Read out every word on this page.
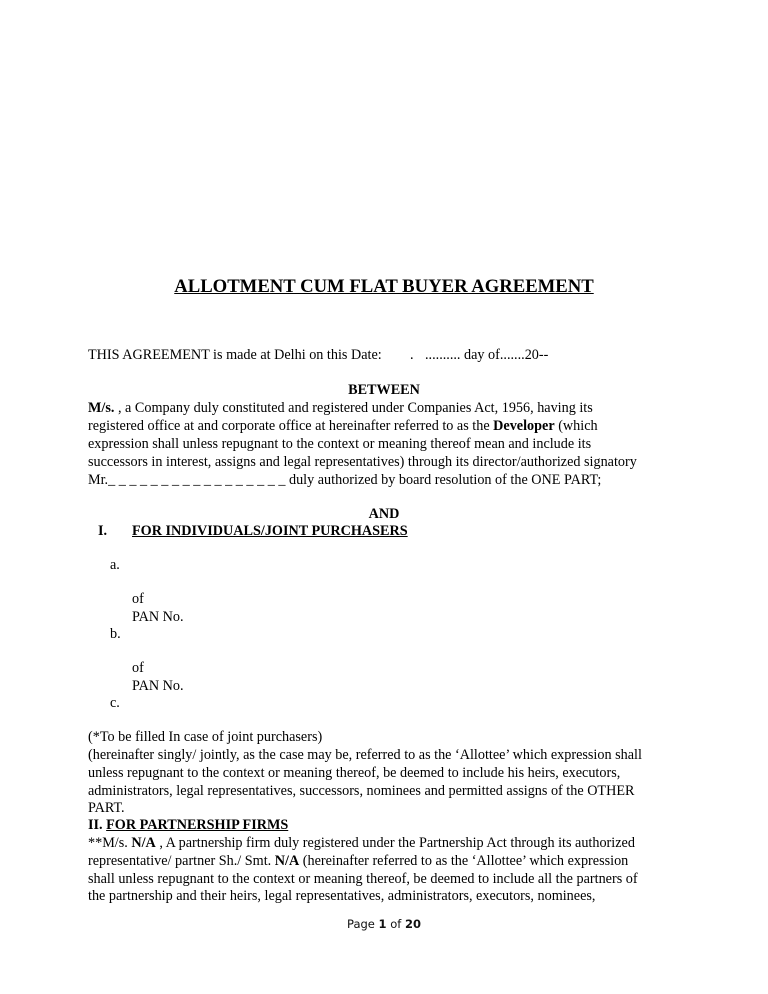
ALLOTMENT CUM FLAT BUYER AGREEMENT
THIS AGREEMENT is made at Delhi on this Date: . .......... day of.......20--
BETWEEN
M/s. , a Company duly constituted and registered under Companies Act, 1956, having its
registered office at and corporate office at hereinafter referred to as the Developer (which
expression shall unless repugnant to the context or meaning thereof mean and include its
successors in interest, assigns and legal representatives) through its director/authorized signatory
Mr._ _ _ _ _ _ _ _ _ _ _ _ _ _ _ _ _ duly authorized by board resolution of the ONE PART;
AND
I. FOR INDIVIDUALS/JOINT PURCHASERS
a.
of
PAN No.
b.
of
PAN No.
c.
(*To be filled In case of joint purchasers)
(hereinafter singly/ jointly, as the case may be, referred to as the ‘Allottee’ which expression shall
unless repugnant to the context or meaning thereof, be deemed to include his heirs, executors,
administrators, legal representatives, successors, nominees and permitted assigns of the OTHER
PART.
II. FOR PARTNERSHIP FIRMS
**M/s. N/A , A partnership firm duly registered under the Partnership Act through its authorized
representative/ partner Sh./ Smt. N/A (hereinafter referred to as the ‘Allottee’ which expression
shall unless repugnant to the context or meaning thereof, be deemed to include all the partners of
the partnership and their heirs, legal representatives, administrators, executors, nominees,
Page 1 of 20
